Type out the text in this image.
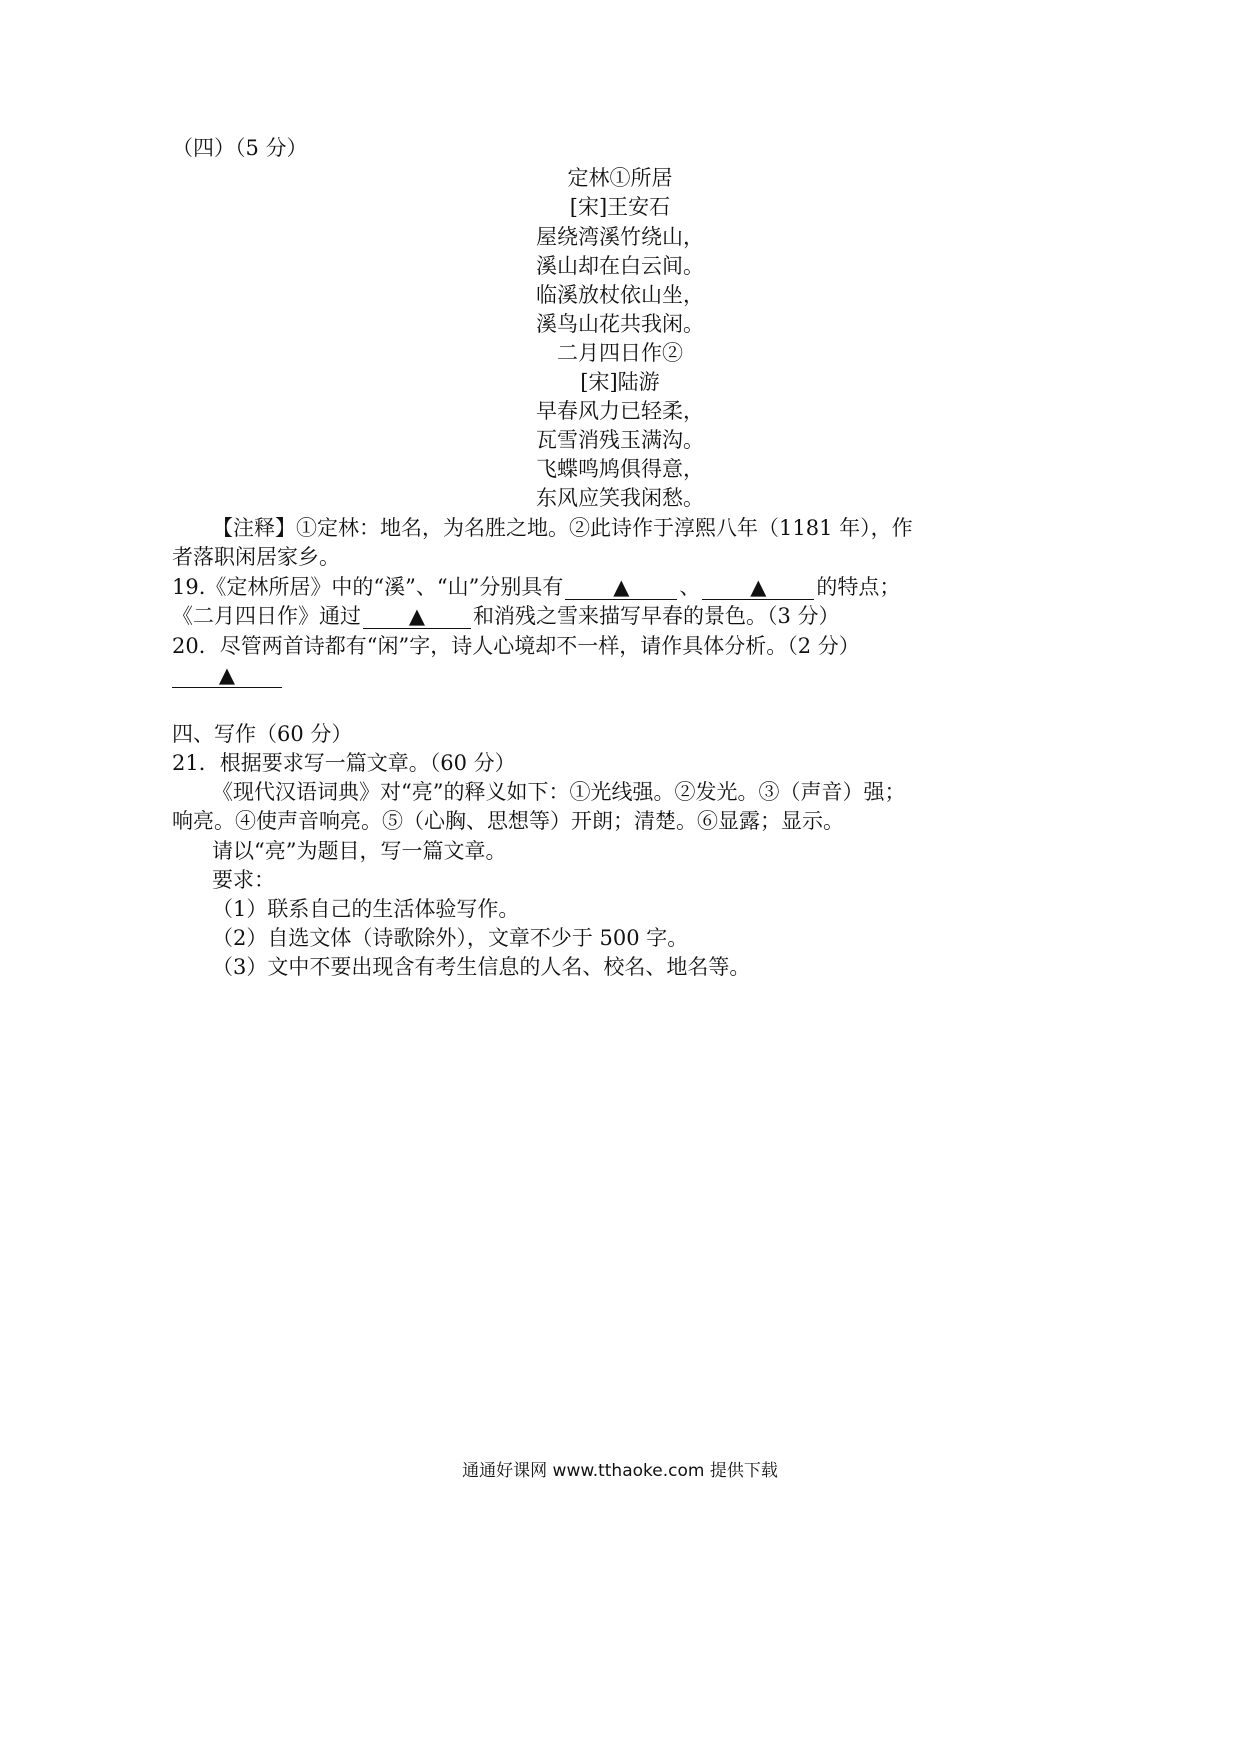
（四）（5 分）
定林①所居
[宋]王安石
屋绕湾溪竹绕山，
溪山却在白云间。
临溪放杖依山坐，
溪鸟山花共我闲。
二月四日作②
[宋]陆游
早春风力已轻柔，
瓦雪消残玉满沟。
飞蝶鸣鸠俱得意，
东风应笑我闲愁。
【注释】①定林：地名，为名胜之地。②此诗作于淳熙八年（1181 年），作
者落职闲居家乡。
19.《定林所居》中的“溪”、“山”分别具有 ▲ 、 ▲ 的特点；
《二月四日作》通过 ▲ 和消残之雪来描写早春的景色。（3 分）
20．尽管两首诗都有“闲”字，诗人心境却不一样，请作具体分析。（2 分）
▲
四、写作（60 分）
21．根据要求写一篇文章。（60 分）
《现代汉语词典》对“亮”的释义如下：①光线强。②发光。③（声音）强；
响亮。④使声音响亮。⑤（心胸、思想等）开朗；清楚。⑥显露；显示。
请以“亮”为题目，写一篇文章。
要求：
（1）联系自己的生活体验写作。
（2）自选文体（诗歌除外），文章不少于 500 字。
（3）文中不要出现含有考生信息的人名、校名、地名等。
通通好课网 www.tthaoke.com 提供下载
